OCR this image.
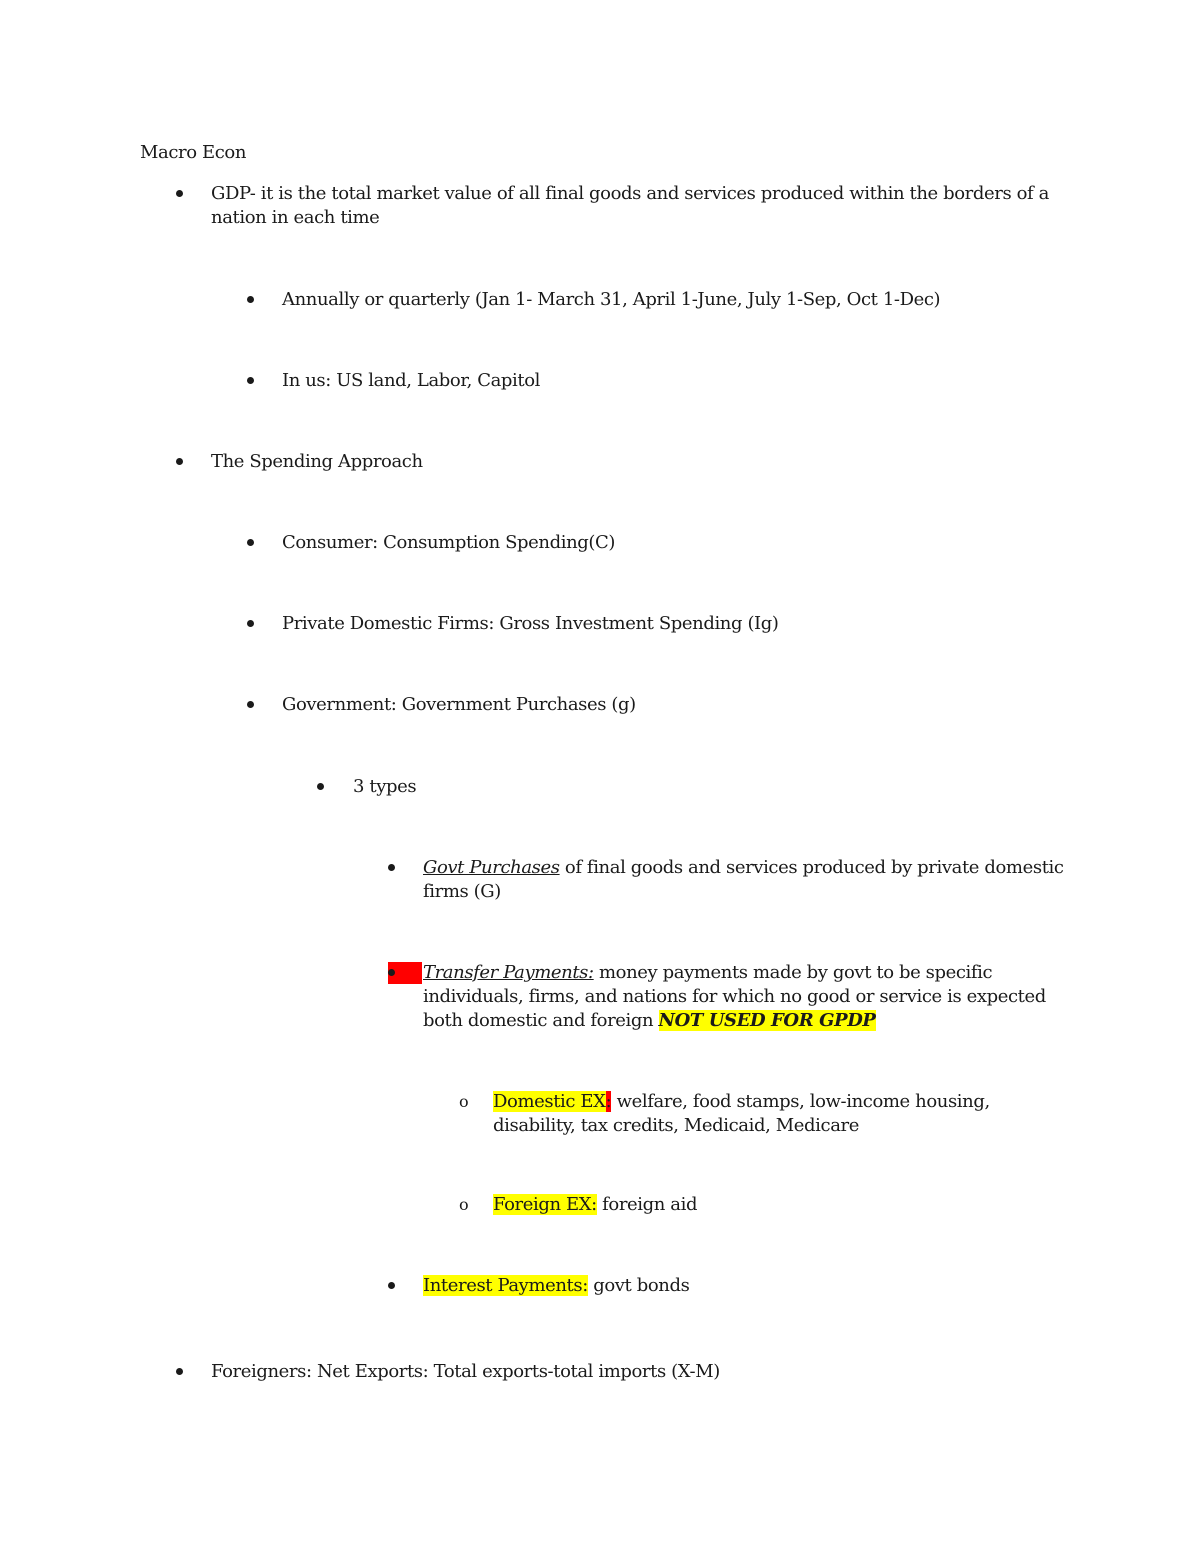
Macro Econ
GDP- it is the total market value of all final goods and services produced within the borders of a
nation in each time
Annually or quarterly (Jan 1- March 31, April 1-June, July 1-Sep, Oct 1-Dec)
In us: US land, Labor, Capitol
The Spending Approach
Consumer: Consumption Spending(C)
Private Domestic Firms: Gross Investment Spending (Ig)
Government: Government Purchases (g)
3 types
Govt Purchases of final goods and services produced by private domestic
firms (G)
Transfer Payments: money payments made by govt to be specific
individuals, firms, and nations for which no good or service is expected
both domestic and foreign NOT USED FOR GPDP
o Domestic EX: welfare, food stamps, low-income housing,
disability, tax credits, Medicaid, Medicare
o Foreign EX: foreign aid
Interest Payments: govt bonds
Foreigners: Net Exports: Total exports-total imports (X-M)
